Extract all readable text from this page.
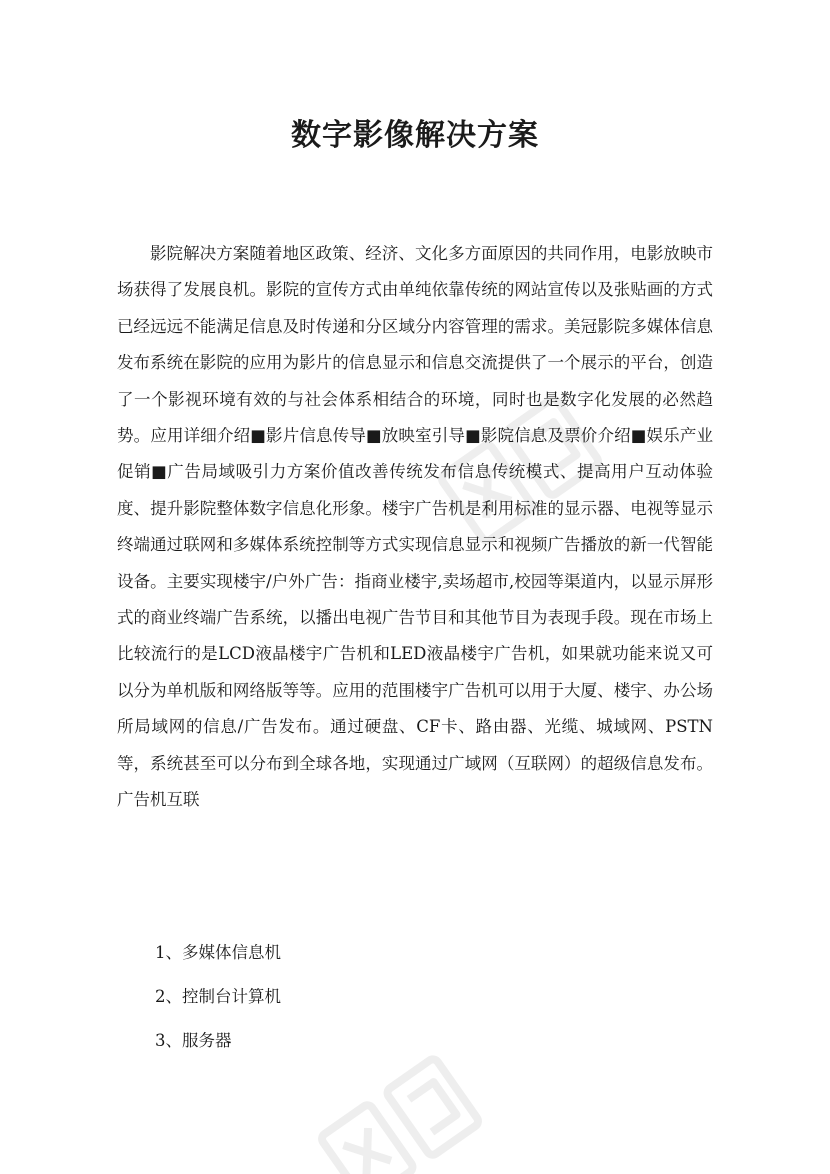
数字影像解决方案

影院解决方案随着地区政策、经济、文化多方面原因的共同作用，电影放映市场获得了发展良机。影院的宣传方式由单纯依靠传统的网站宣传以及张贴画的方式已经远远不能满足信息及时传递和分区域分内容管理的需求。美冠影院多媒体信息发布系统在影院的应用为影片的信息显示和信息交流提供了一个展示的平台，创造了一个影视环境有效的与社会体系相结合的环境，同时也是数字化发展的必然趋势。应用详细介绍■影片信息传导■放映室引导■影院信息及票价介绍■娱乐产业促销■广告局域吸引力方案价值改善传统发布信息传统模式、提高用户互动体验度、提升影院整体数字信息化形象。楼宇广告机是利用标准的显示器、电视等显示终端通过联网和多媒体系统控制等方式实现信息显示和视频广告播放的新一代智能设备。主要实现楼宇/户外广告：指商业楼宇,卖场超市,校园等渠道内，以显示屏形式的商业终端广告系统，以播出电视广告节目和其他节目为表现手段。现在市场上比较流行的是LCD液晶楼宇广告机和LED液晶楼宇广告机，如果就功能来说又可以分为单机版和网络版等等。应用的范围楼宇广告机可以用于大厦、楼宇、办公场所局域网的信息/广告发布。通过硬盘、CF卡、路由器、光缆、城域网、PSTN等，系统甚至可以分布到全球各地，实现通过广域网（互联网）的超级信息发布。广告机互联

1、多媒体信息机
2、控制台计算机
3、服务器
